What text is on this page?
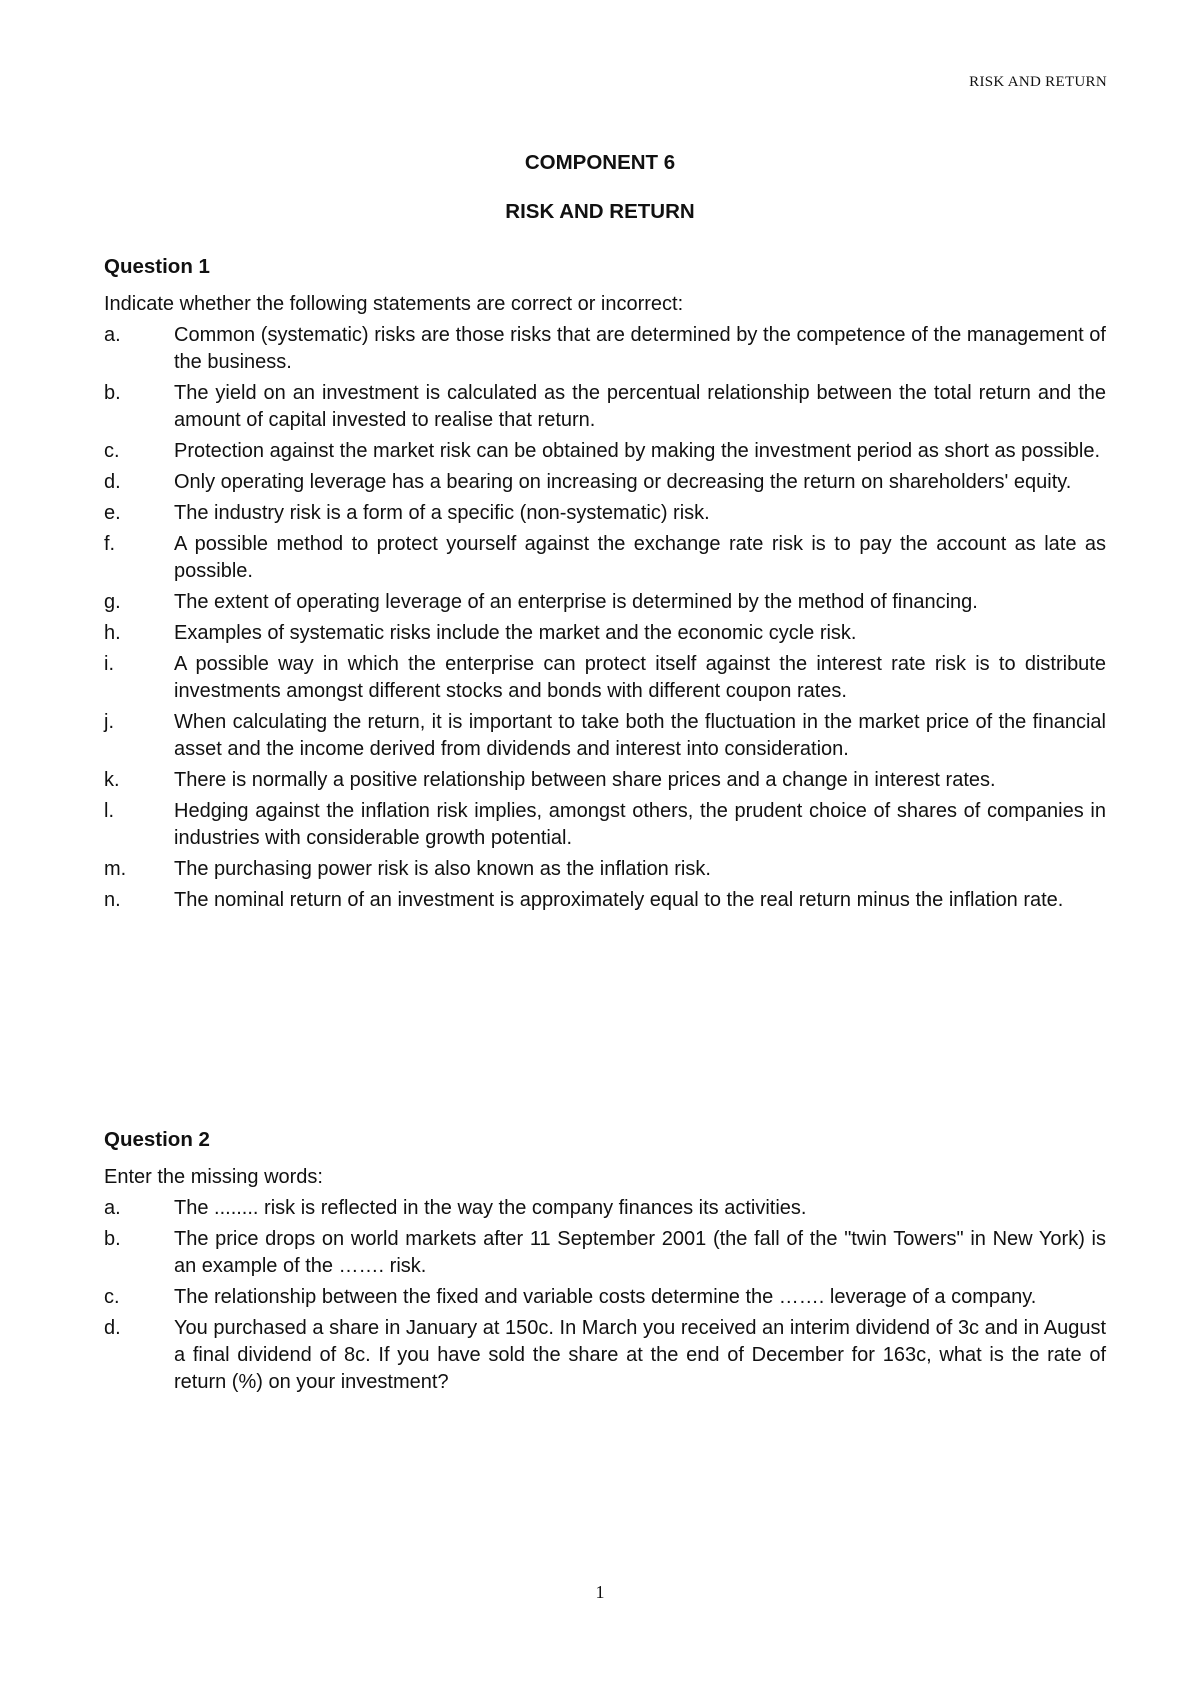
RISK AND RETURN
COMPONENT 6
RISK AND RETURN
Question 1

Indicate whether the following statements are correct or incorrect:

a.	Common (systematic) risks are those risks that are determined by the competence of the management of the business.
b.	The yield on an investment is calculated as the percentual relationship between the total return and the amount of capital invested to realise that return.
c.	Protection against the market risk can be obtained by making the investment period as short as possible.
d.	Only operating leverage has a bearing on increasing or decreasing the return on shareholders' equity.
e.	The industry risk is a form of a specific (non-systematic) risk.
f.	A possible method to protect yourself against the exchange rate risk is to pay the account as late as possible.
g.	The extent of operating leverage of an enterprise is determined by the method of financing.
h.	Examples of systematic risks include the market and the economic cycle risk.
i.	A possible way in which the enterprise can protect itself against the interest rate risk is to distribute investments amongst different stocks and bonds with different coupon rates.
j.	When calculating the return, it is important to take both the fluctuation in the market price of the financial asset and the income derived from dividends and interest into consideration.
k.	There is normally a positive relationship between share prices and a change in interest rates.
l.	Hedging against the inflation risk implies, amongst others, the prudent choice of shares of companies in industries with considerable growth potential.
m.	The purchasing power risk is also known as the inflation risk.
n.	The nominal return of an investment is approximately equal to the real return minus the inflation rate.
Question 2

Enter the missing words:

a.	The ........ risk is reflected in the way the company finances its activities.
b.	The price drops on world markets after 11 September 2001 (the fall of the "twin Towers" in New York) is an example of the ……. risk.
c.	The relationship between the fixed and variable costs determine the ……. leverage of a company.
d.	You purchased a share in January at 150c. In March you received an interim dividend of 3c and in August a final dividend of 8c. If you have sold the share at the end of December for 163c, what is the rate of return (%) on your investment?
1
